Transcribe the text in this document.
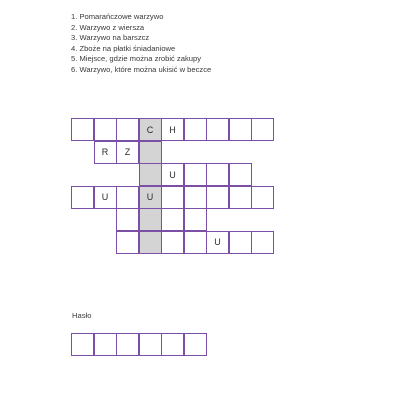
1. Pomarańczowe warzywo
2. Warzywo z wiersza
3. Warzywo na barszcz
4. Zboże na płatki śniadaniowe
5. Miejsce, gdzie można zrobić zakupy
6. Warzywo, które można ukisić w beczce
C	H
R	Z
U
U	U
U
Hasło
